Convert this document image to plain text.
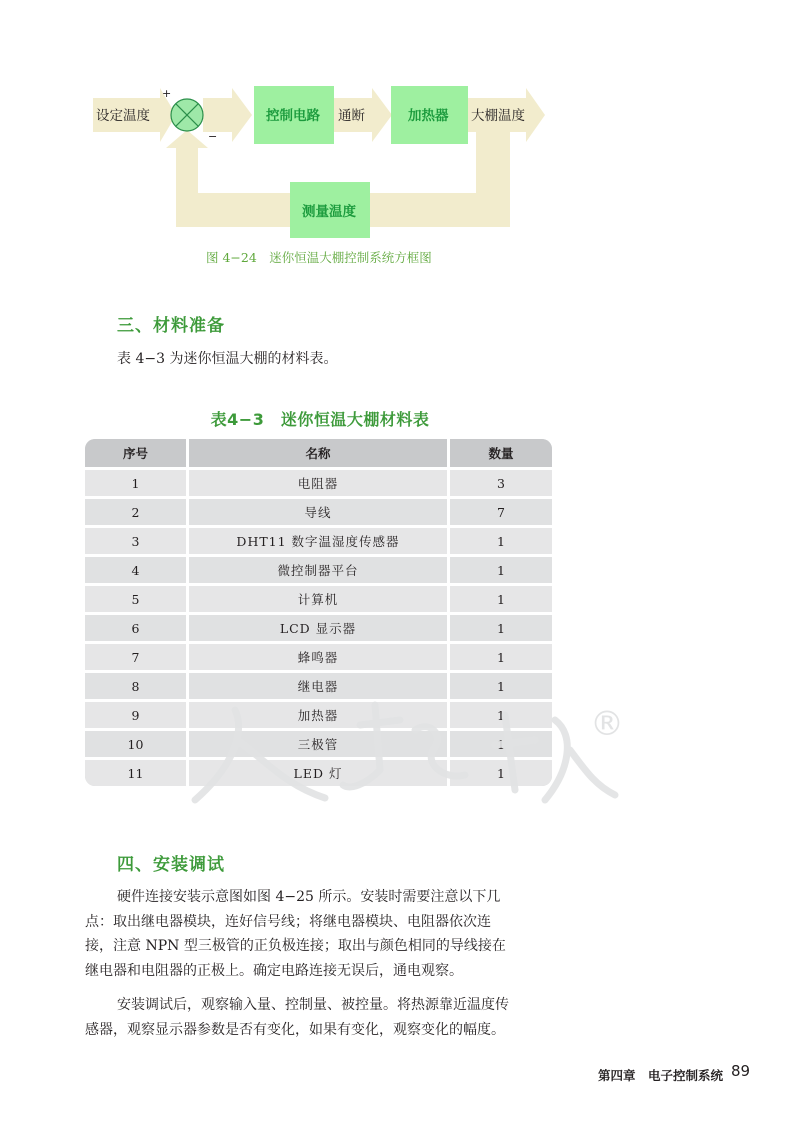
设定温度
+
−
控制电路 通断	加热器 大棚温度
测量温度
图 4−24　迷你恒温大棚控制系统方框图
三、材料准备
表 4−3 为迷你恒温大棚的材料表。
表4−3　迷你恒温大棚材料表
序号	名称	数量
1	电阻器	3
2	导线	7
3	DHT11 数字温湿度传感器	1
4	微控制器平台	1
5	计算机	1
6	LCD 显示器	1
7	蜂鸣器	1
8	继电器	1
9	加热器	1
10	三极管	1
11	LED 灯	1
®
四、安装调试
硬件连接安装示意图如图 4−25 所示。安装时需要注意以下几
点：取出继电器模块，连好信号线；将继电器模块、电阻器依次连
接，注意 NPN 型三极管的正负极连接；取出与颜色相同的导线接在
继电器和电阻器的正极上。确定电路连接无误后，通电观察。
安装调试后，观察输入量、控制量、被控量。将热源靠近温度传
感器，观察显示器参数是否有变化，如果有变化，观察变化的幅度。
第四章　电子控制系统 89
